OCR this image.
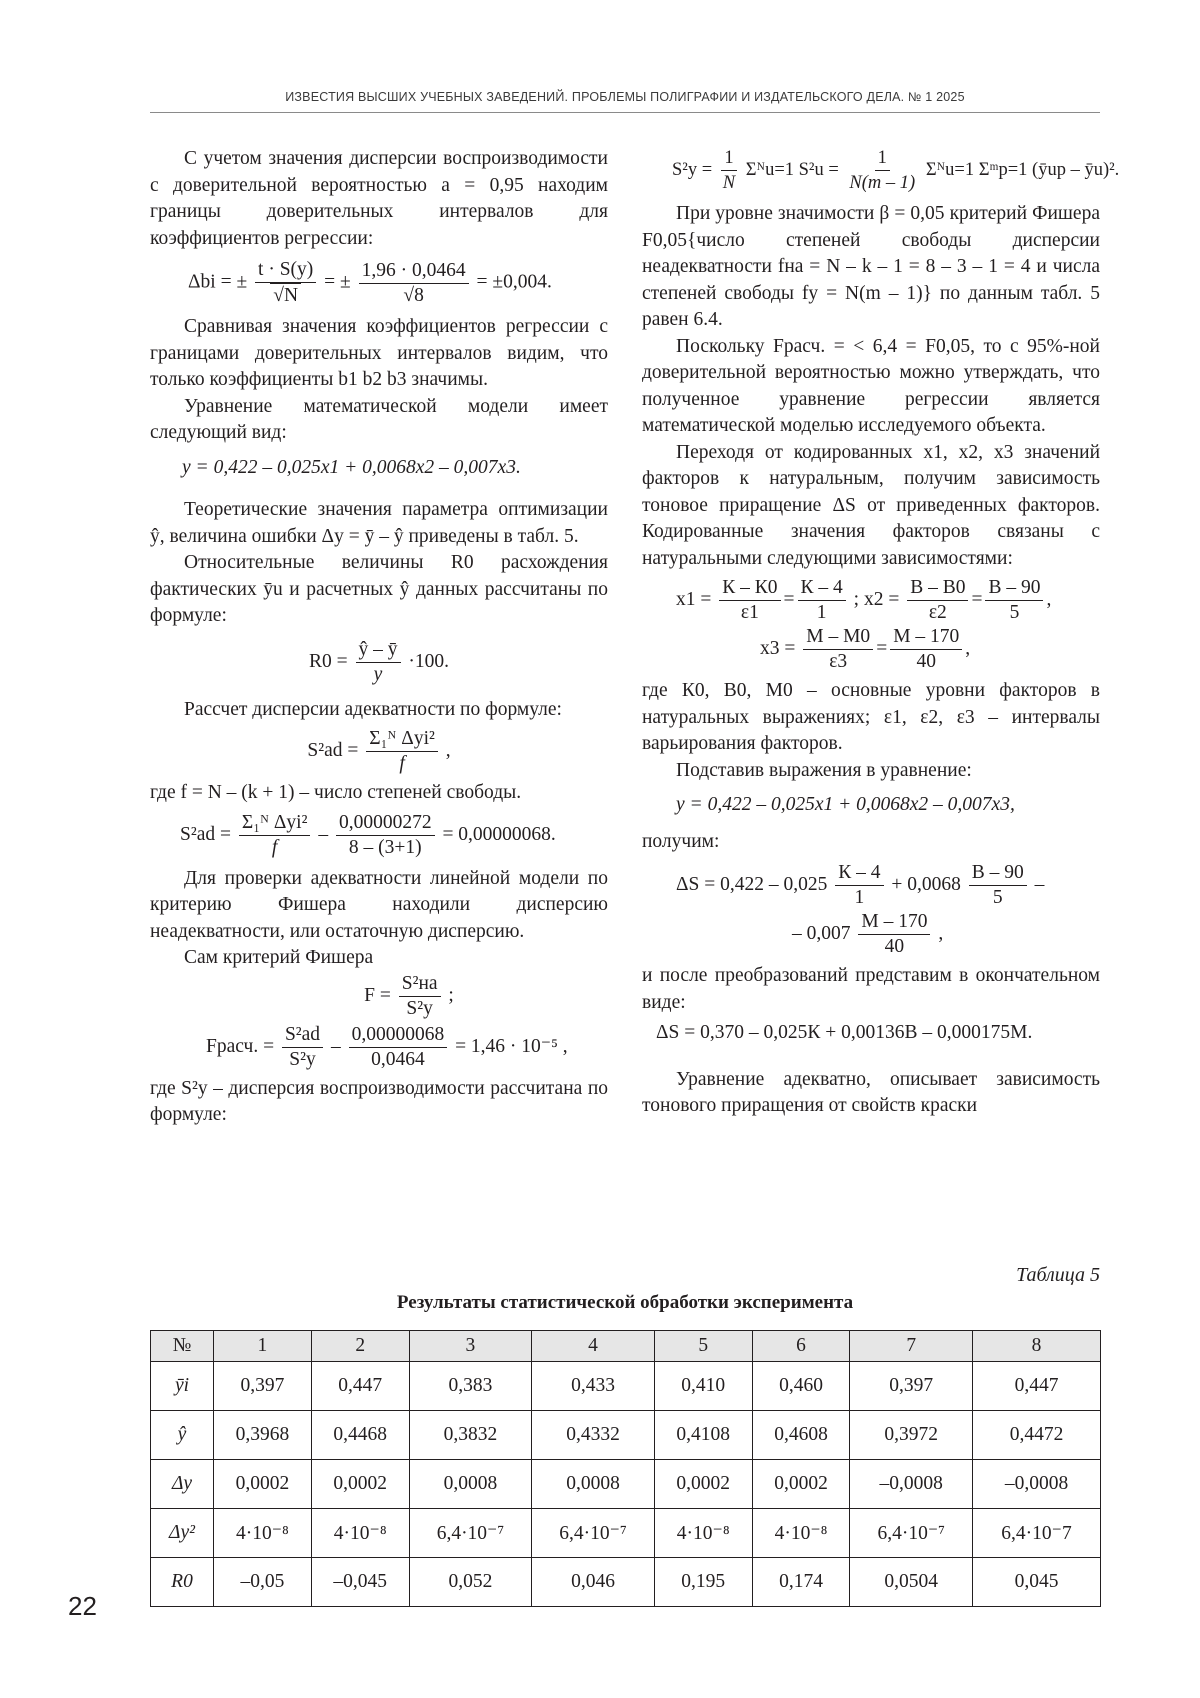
ИЗВЕСТИЯ ВЫСШИХ УЧЕБНЫХ ЗАВЕДЕНИЙ. ПРОБЛЕМЫ ПОЛИГРАФИИ И ИЗДАТЕЛЬСКОГО ДЕЛА. № 1 2025

С учетом значения дисперсии воспроизводимости с доверительной вероятностью a = 0,95 находим границы доверительных интервалов для коэффициентов регрессии:

Δbi = ± $\frac{t \cdot S(y)}{√N}$ = ± $\frac{1,96 \cdot 0,0464}{√8} = \pm 0,004$.

Сравнивая значения коэффициентов регрессии с границами доверительных интервалов видим, что только коэффициенты b1 b2 b3 значимы.

Уравнение математической модели имеет следующий вид:

y = 0,422 – 0,025x1 + 0,0068x2 – 0,007x3.

Теоретические значения параметра оптимизации ŷ, величина ошибки Δy = ȳ – ŷ приведены в табл. 5.

Относительные величины R0 расхождения фактических ȳu и расчетных ŷ данных рассчитаны по формуле:

$R0 = \frac{ŷ - ȳ}{y} \cdot 100$.

Рассчет дисперсии адекватности по формуле:

$S^2ad = \frac{\text{Σ₁ᴺ Δyi²}}{f}$ ,

где f = N – (k + 1) – число степеней свободы.

$S^2ad = \frac{\text{Σ₁ᴺ Δyi²}}{f} - \frac{0,00000272}{8 - (3+1)} = 0,00000068$.

Для проверки адекватности линейной модели по критерию Фишера находили дисперсию неадекватности, или остаточную дисперсию.

Сам критерий Фишера

$F = \frac{\text{S²на}}{\text{S²y}}$ ;
Fрасч. = $\frac{\text{S²ad}}{\text{S²y}} - \frac{0,00000068}{0,0464} = 1,46 \cdot 10^{-5}$ ,

где S²y – дисперсия воспроизводимости рассчитана по формуле:

$S^2y = \frac{1}{N}$ Σᴺu=1 $S^2u = \frac{1}{N(m - 1)}$ Σᴺu=1 Σᵐp=1 (ȳup – ȳu)².

При уровне значимости β = 0,05 критерий Фишера F0,05{число степеней свободы дисперсии неадекватности fна = N – k – 1 = 8 – 3 – 1 = 4 и числа степеней свободы fy = N(m – 1)} по данным табл. 5 равен 6.4.

Поскольку Fрасч. = < 6,4 = F0,05, то с 95%-ной доверительной вероятностью можно утверждать, что полученное уравнение регрессии является математической моделью исследуемого объекта.

Переходя от кодированных x1, x2, x3 значений факторов к натуральным, получим зависимость тоновое приращение ΔS от приведенных факторов. Кодированные значения факторов связаны с натуральными следующими зависимостями:

$x1 = \frac{К - К0}{\varepsilon 1} = \frac{К - 4}{1}$ ; $x2 = \frac{В - В0}{\varepsilon 2} = \frac{В - 90}{5}$ ,
$x3 = \frac{М - М0}{\varepsilon 3} = \frac{М - 170}{40}$ ,

где К0, В0, М0 – основные уровни факторов в натуральных выражениях; ε1, ε2, ε3 – интервалы варьирования факторов.

Подставив выражения в уравнение:

y = 0,422 – 0,025x1 + 0,0068x2 – 0,007x3,

получим:

$\Delta S = 0,422 - 0,025 \frac{К - 4}{1} + 0,0068 \frac{В - 90}{5}$ –
– $0,007 \frac{М - 170}{40}$ ,

и после преобразований представим в окончательном виде:

ΔS = 0,370 – 0,025К + 0,00136В – 0,000175М.

Уравнение адекватно, описывает зависимость тонового приращения от свойств краски

Таблица 5
Результаты статистической обработки эксперимента
№	1	2	3	4	5	6	7	8
ȳi	0,397	0,447	0,383	0,433	0,410	0,460	0,397	0,447
ŷ	0,3968	0,4468	0,3832	0,4332	0,4108	0,4608	0,3972	0,4472
Δy	0,0002	0,0002	0,0008	0,0008	0,0002	0,0002	–0,0008	–0,0008
Δy²	4·10⁻⁸	4·10⁻⁸	6,4·10⁻⁷	6,4·10⁻⁷	4·10⁻⁸	4·10⁻⁸	6,4·10⁻⁷	6,4·10⁻7
R0	–0,05	–0,045	0,052	0,046	0,195	0,174	0,0504	0,045
22
